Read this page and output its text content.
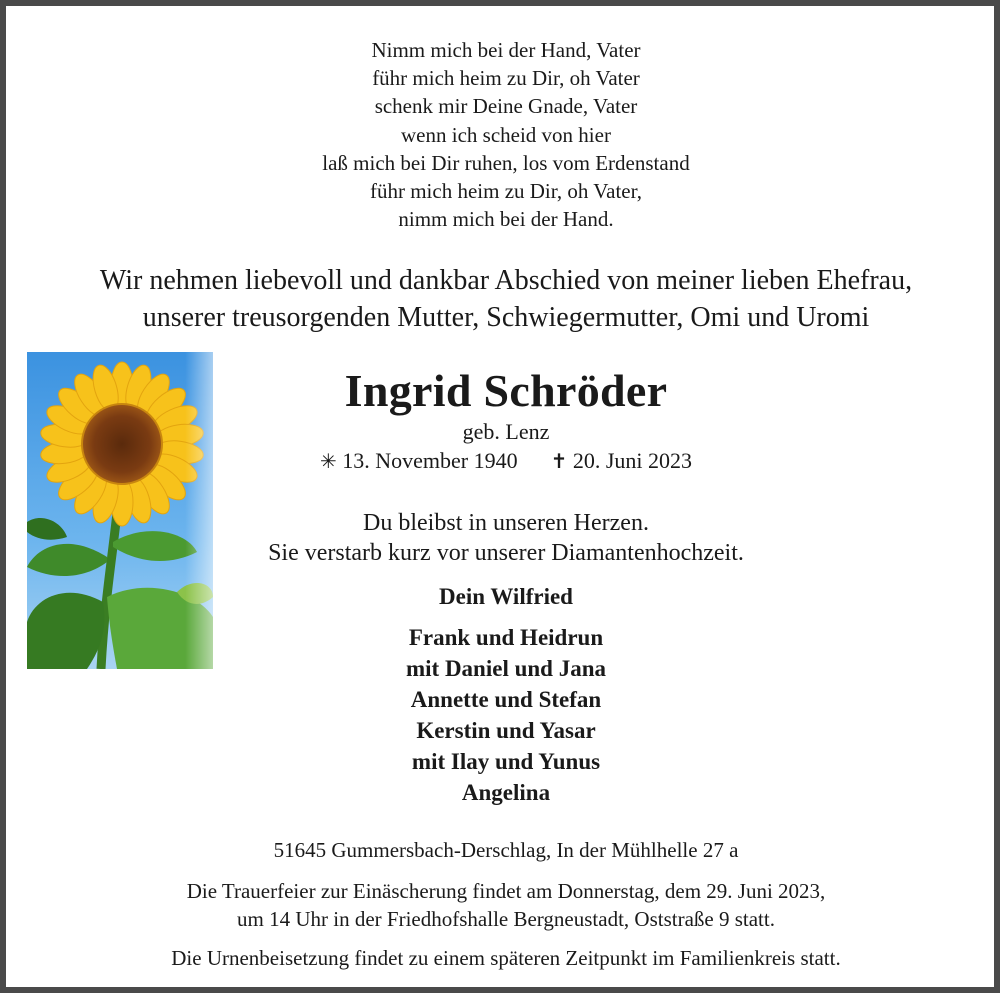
Nimm mich bei der Hand, Vater
führ mich heim zu Dir, oh Vater
schenk mir Deine Gnade, Vater
wenn ich scheid von hier
laß mich bei Dir ruhen, los vom Erdenstand
führ mich heim zu Dir, oh Vater,
nimm mich bei der Hand.
Wir nehmen liebevoll und dankbar Abschied von meiner lieben Ehefrau,
unserer treusorgenden Mutter, Schwiegermutter, Omi und Uromi
Ingrid Schröder
geb. Lenz
✳ 13. November 1940 ✝ 20. Juni 2023
Du bleibst in unseren Herzen.
Sie verstarb kurz vor unserer Diamantenhochzeit.
Dein Wilfried
Frank und Heidrun
mit Daniel und Jana
Annette und Stefan
Kerstin und Yasar
mit Ilay und Yunus
Angelina
51645 Gummersbach-Derschlag, In der Mühlhelle 27 a
Die Trauerfeier zur Einäscherung findet am Donnerstag, dem 29. Juni 2023,
um 14 Uhr in der Friedhofshalle Bergneustadt, Oststraße 9 statt.
Die Urnenbeisetzung findet zu einem späteren Zeitpunkt im Familienkreis statt.
